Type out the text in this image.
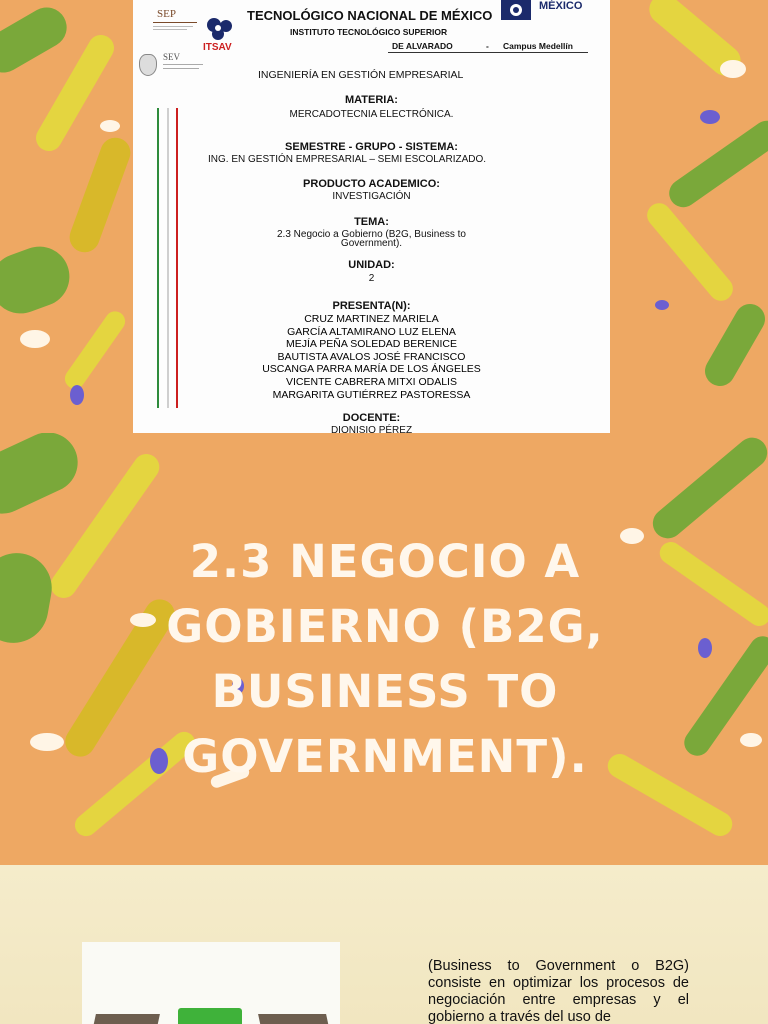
SEP
ITSAV
SEV
MÉXICO
TECNOLÓGICO NACIONAL DE MÉXICO
INSTITUTO TECNOLÓGICO SUPERIOR
DE ALVARADO	- Campus Medellín
INGENIERÍA EN GESTIÓN EMPRESARIAL
MATERIA:
MERCADOTECNIA ELECTRÓNICA.
SEMESTRE - GRUPO - SISTEMA:
ING. EN GESTIÓN EMPRESARIAL – SEMI ESCOLARIZADO.
PRODUCTO ACADEMICO:
INVESTIGACIÓN
TEMA:
2.3 Negocio a Gobierno (B2G, Business to
Government).
UNIDAD:
2
PRESENTA(N):
CRUZ MARTINEZ MARIELA
GARCÍA ALTAMIRANO LUZ ELENA
MEJÍA PEÑA SOLEDAD BERENICE
BAUTISTA AVALOS JOSÉ FRANCISCO
USCANGA PARRA MARÍA DE LOS ÁNGELES
VICENTE CABRERA MITXI ODALIS
MARGARITA GUTIÉRREZ PASTORESSA
DOCENTE:
DIONISIO PÉREZ
2.3 NEGOCIO A
GOBIERNO (B2G,
BUSINESS TO
GOVERNMENT).

(Business to Government o B2G) consiste en optimizar los procesos de negociación entre empresas y el gobierno a través del uso de
